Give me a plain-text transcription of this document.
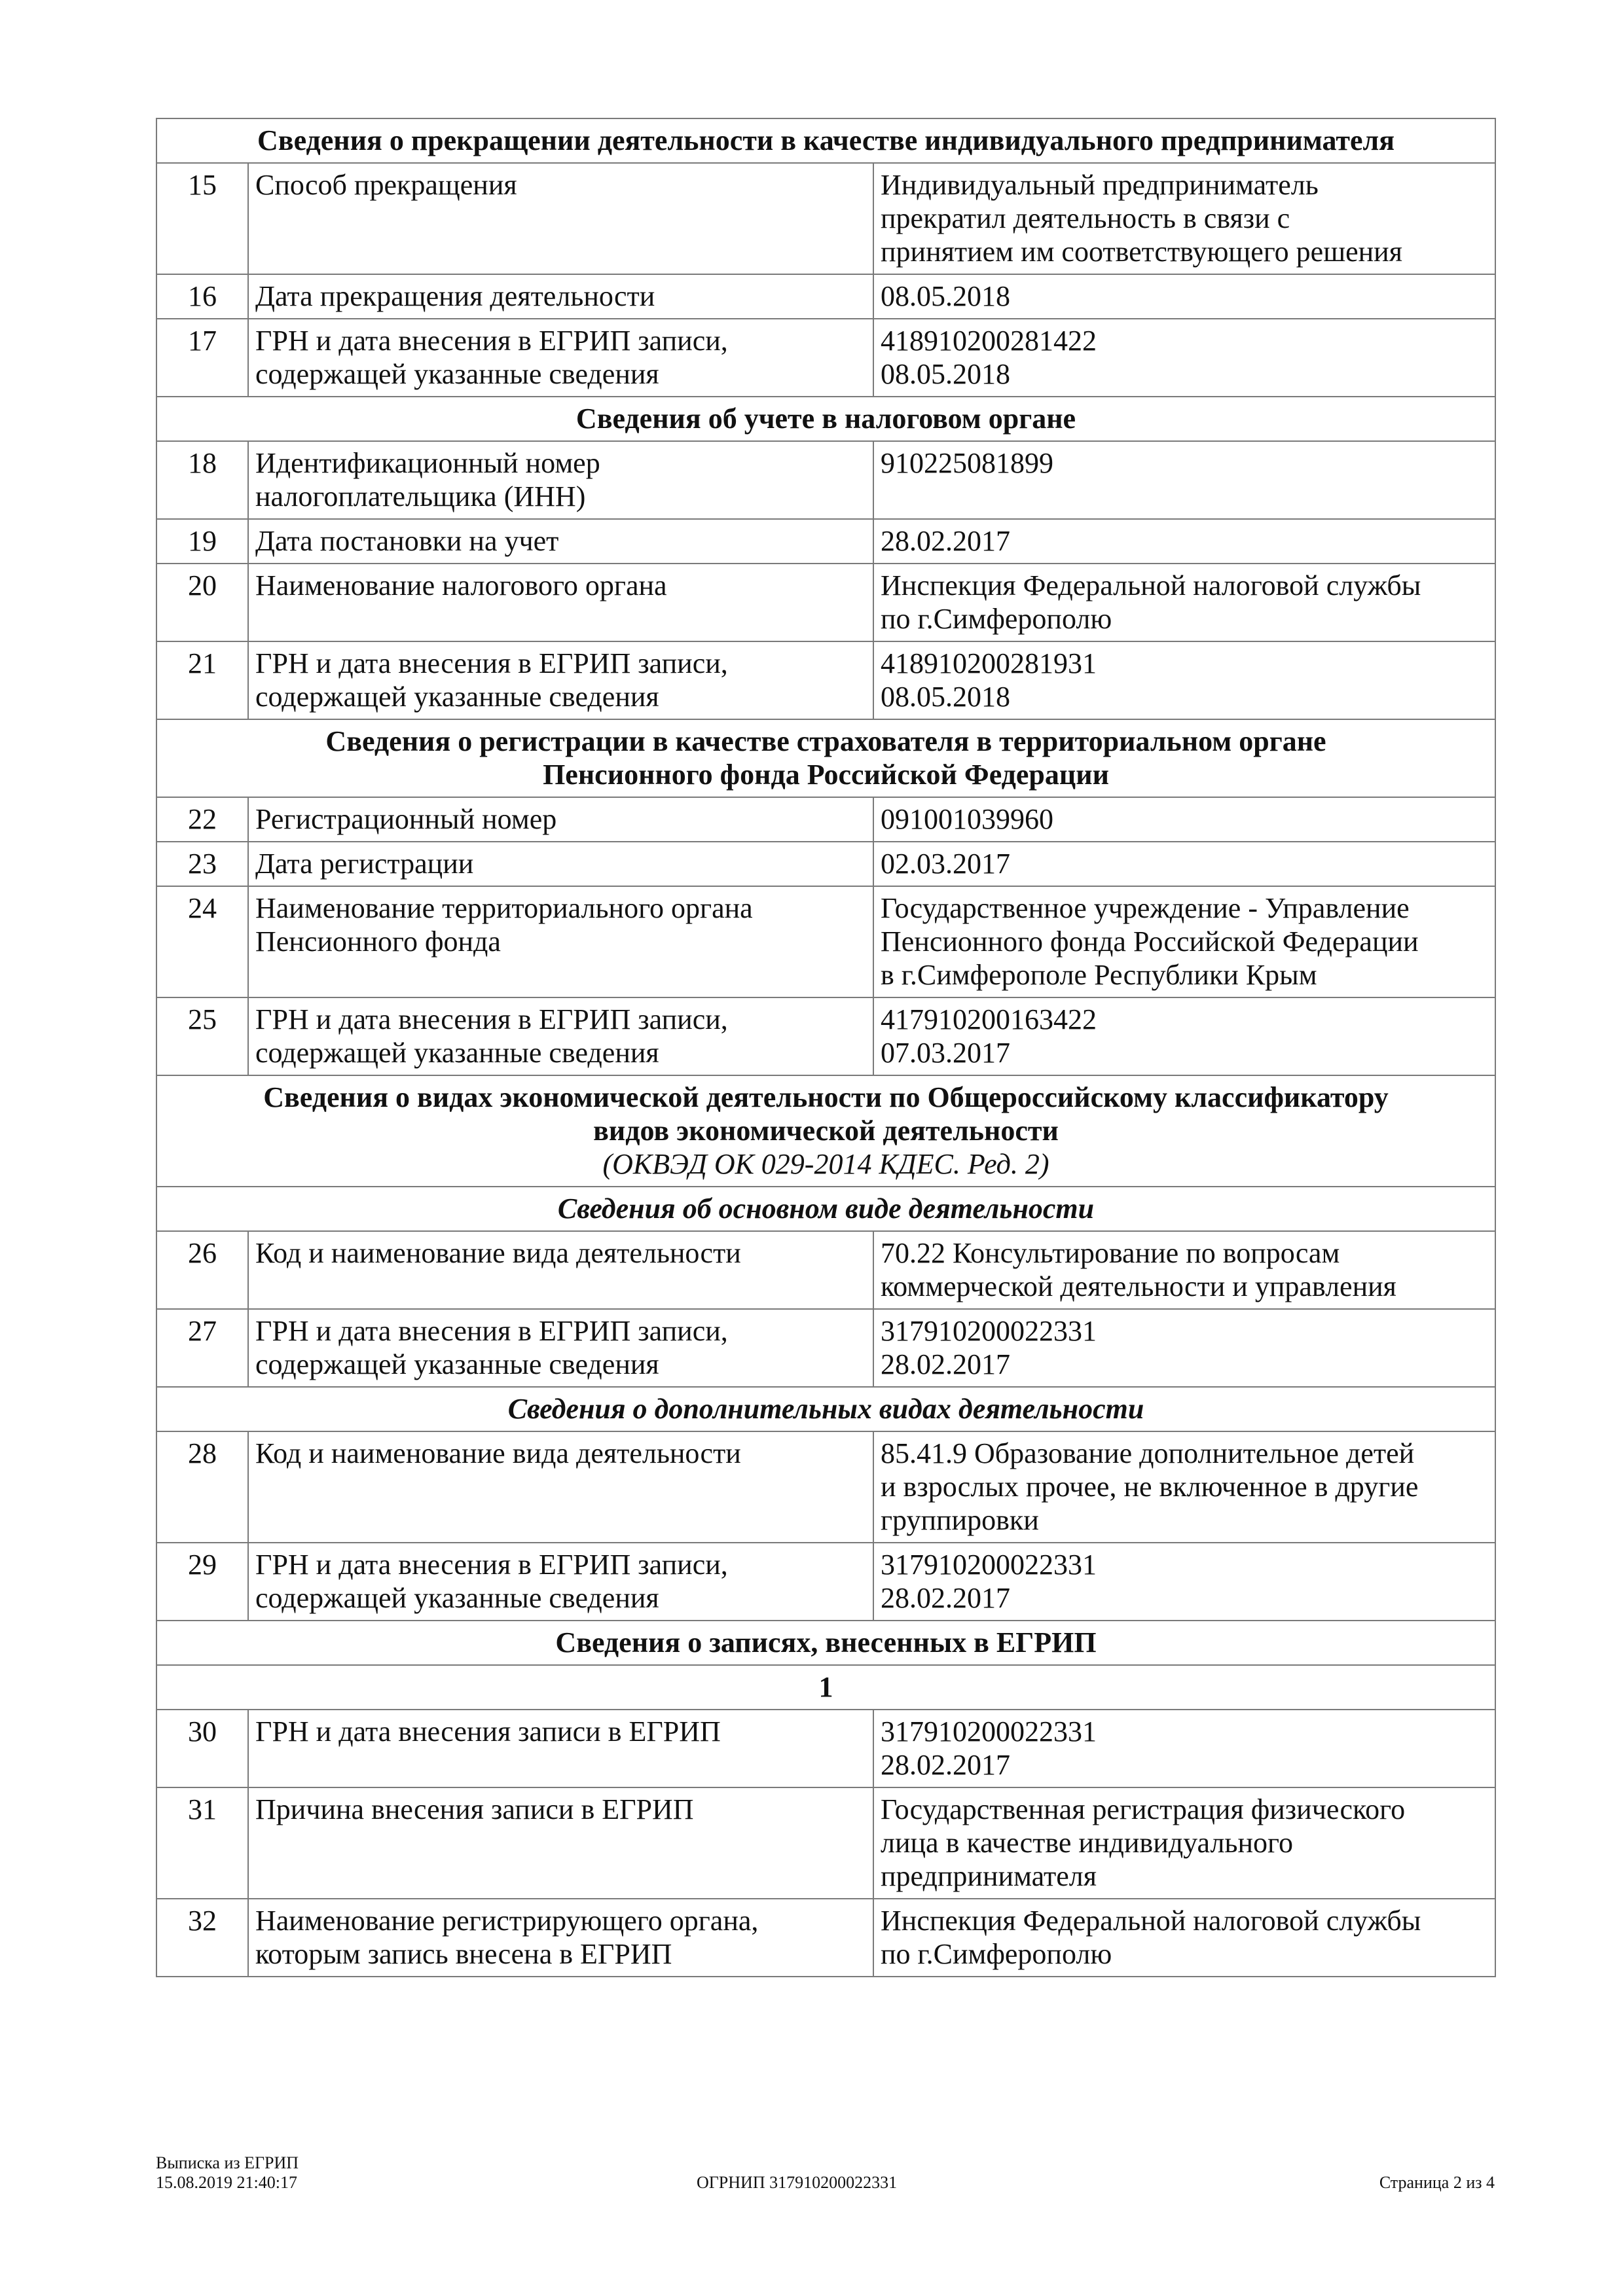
Сведения о прекращении деятельности в качестве индивидуального предпринимателя		
15	Способ прекращения	Индивидуальный предприниматель
прекратил деятельность в связи с
принятием им соответствующего решения

16	Дата прекращения деятельности	08.05.2018

17	ГРН и дата внесения в ЕГРИП записи,
содержащей указанные сведения	418910200281422
08.05.2018

Сведения об учете в налоговом органе		
18	Идентификационный номер
налогоплательщика (ИНН)	910225081899

19	Дата постановки на учет	28.02.2017

20	Наименование налогового органа	Инспекция Федеральной налоговой службы
по г.Симферополю

21	ГРН и дата внесения в ЕГРИП записи,
содержащей указанные сведения	418910200281931
08.05.2018

Сведения о регистрации в качестве страхователя в территориальном органе
Пенсионного фонда Российской Федерации		

22	Регистрационный номер	091001039960

23	Дата регистрации	02.03.2017

24	Наименование территориального органа
Пенсионного фонда	Государственное учреждение - Управление
Пенсионного фонда Российской Федерации
в г.Симферополе Республики Крым

25	ГРН и дата внесения в ЕГРИП записи,
содержащей указанные сведения	417910200163422
07.03.2017

Сведения о видах экономической деятельности по Общероссийскому классификатору
видов экономической деятельности
(ОКВЭД ОК 029-2014 КДЕС. Ред. 2)		

Сведения об основном виде деятельности		
26	Код и наименование вида деятельности	70.22 Консультирование по вопросам
коммерческой деятельности и управления

27	ГРН и дата внесения в ЕГРИП записи,
содержащей указанные сведения	317910200022331
28.02.2017

Сведения о дополнительных видах деятельности		
28	Код и наименование вида деятельности	85.41.9 Образование дополнительное детей
и взрослых прочее, не включенное в другие
группировки

29	ГРН и дата внесения в ЕГРИП записи,
содержащей указанные сведения	317910200022331
28.02.2017

Сведения о записях, внесенных в ЕГРИП		
1		
30	ГРН и дата внесения записи в ЕГРИП	317910200022331
28.02.2017

31	Причина внесения записи в ЕГРИП	Государственная регистрация физического
лица в качестве индивидуального
предпринимателя

32	Наименование регистрирующего органа,
которым запись внесена в ЕГРИП	Инспекция Федеральной налоговой службы
по г.Симферополю
Выписка из ЕГРИП
15.08.2019 21:40:17	ОГРНИП 317910200022331	Страница 2 из 4
